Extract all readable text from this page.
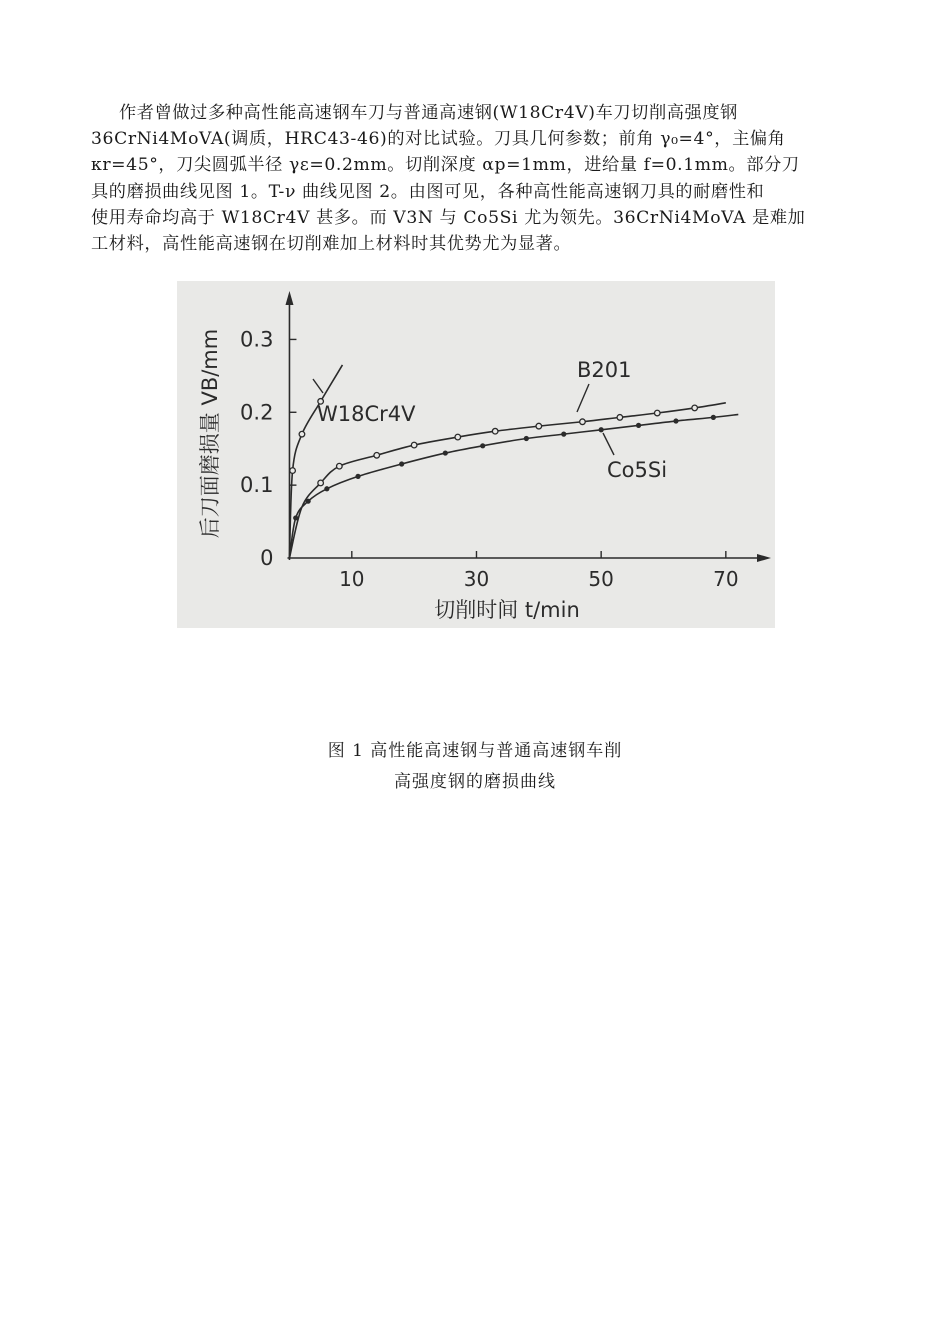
作者曾做过多种高性能高速钢车刀与普通高速钢(W18Cr4V)车刀切削高强度钢
36CrNi4MoVA(调质，HRC43-46)的对比试验。刀具几何参数；前角 γ₀=4°，主偏角
κr=45°，刀尖圆弧半径 γε=0.2mm。切削深度 αp=1mm，进给量 f=0.1mm。部分刀
具的磨损曲线见图 1。T-ν 曲线见图 2。由图可见，各种高性能高速钢刀具的耐磨性和
使用寿命均高于 W18Cr4V 甚多。而 V3N 与 Co5Si 尤为领先。36CrNi4MoVA 是难加
工材料，高性能高速钢在切削难加上材料时其优势尤为显著。
0
0.1
0.2
0.3
10	30	50	70
切削时间 t/min
后刀面磨损量 VB/mm	W18Cr4V
B201
Co5Si
图 1 高性能高速钢与普通高速钢车削
高强度钢的磨损曲线
